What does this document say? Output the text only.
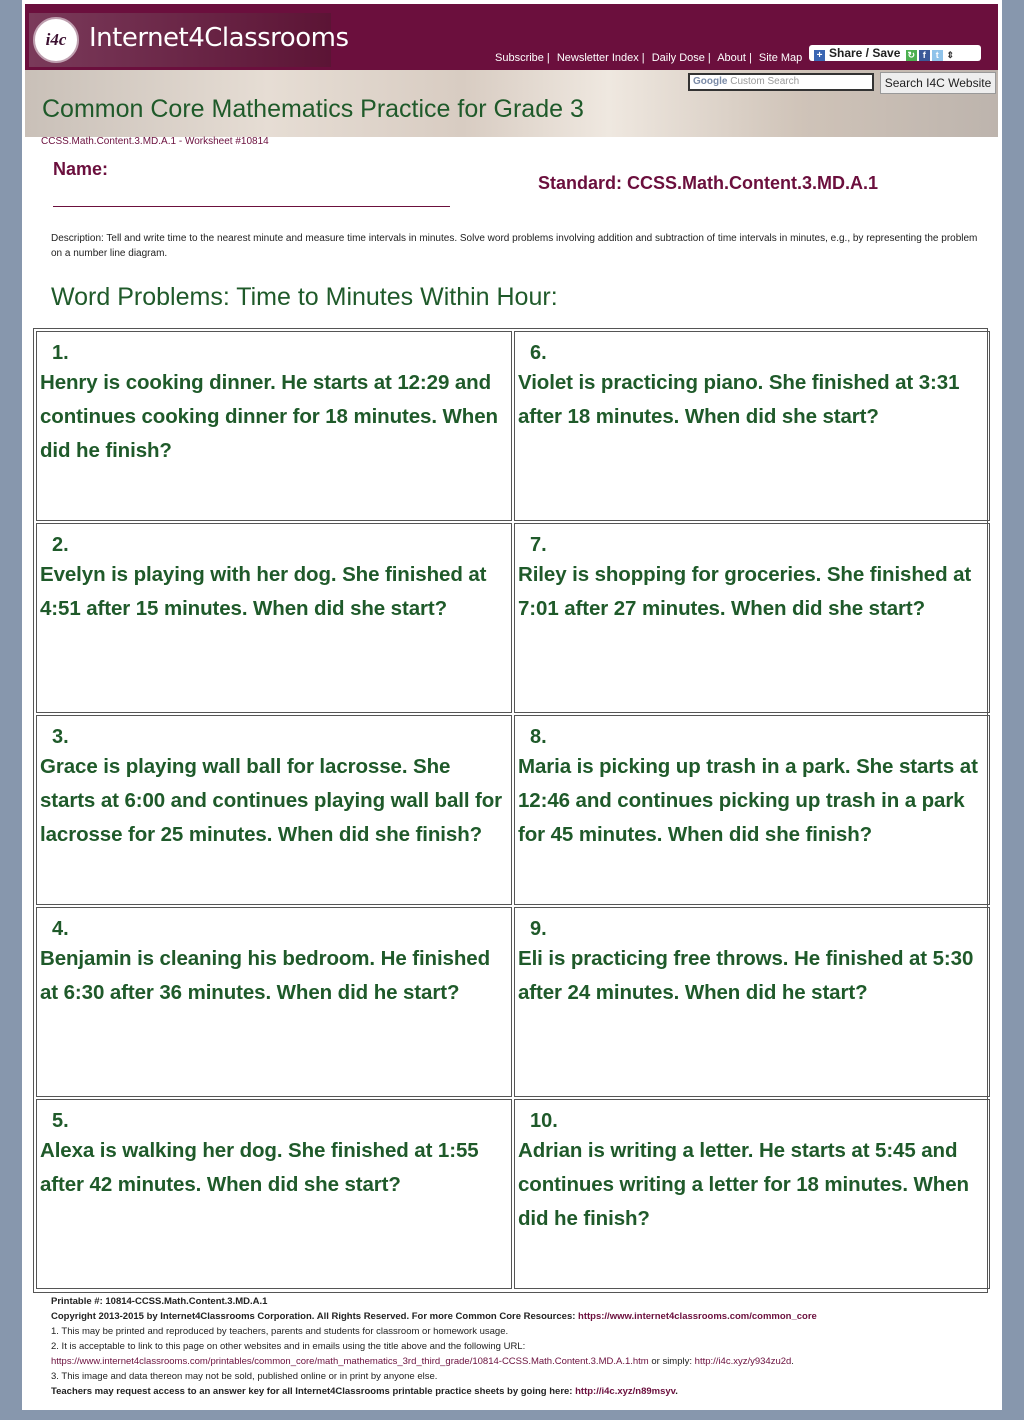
i4c Internet4Classrooms
Subscribe | Newsletter Index | Daily Dose | About | Site Map	+ Share / Save ↻ f t ⇕
Google Custom Search	Search I4C Website
Common Core Mathematics Practice for Grade 3
CCSS.Math.Content.3.MD.A.1 - Worksheet #10814
Name:
Standard: CCSS.Math.Content.3.MD.A.1
Description: Tell and write time to the nearest minute and measure time intervals in minutes. Solve word problems involving addition and subtraction of time intervals in minutes, e.g., by representing the problem on a number line diagram.
Word Problems: Time to Minutes Within Hour:
1.
Henry is cooking dinner. He starts at 12:29 and continues cooking dinner for 18 minutes. When did he finish?
6.
Violet is practicing piano. She finished at 3:31 after 18 minutes. When did she start?
2.
Evelyn is playing with her dog. She finished at 4:51 after 15 minutes. When did she start?
7.
Riley is shopping for groceries. She finished at 7:01 after 27 minutes. When did she start?
3.
Grace is playing wall ball for lacrosse. She starts at 6:00 and continues playing wall ball for lacrosse for 25 minutes. When did she finish?
8.
Maria is picking up trash in a park. She starts at 12:46 and continues picking up trash in a park for 45 minutes. When did she finish?
4.
Benjamin is cleaning his bedroom. He finished at 6:30 after 36 minutes. When did he start?
9.
Eli is practicing free throws. He finished at 5:30 after 24 minutes. When did he start?
5.
Alexa is walking her dog. She finished at 1:55 after 42 minutes. When did she start?
10.
Adrian is writing a letter. He starts at 5:45 and continues writing a letter for 18 minutes. When did he finish?
Printable #: 10814-CCSS.Math.Content.3.MD.A.1
Copyright 2013-2015 by Internet4Classrooms Corporation. All Rights Reserved. For more Common Core Resources: https://www.internet4classrooms.com/common_core
1. This may be printed and reproduced by teachers, parents and students for classroom or homework usage.
2. It is acceptable to link to this page on other websites and in emails using the title above and the following URL:
https://www.internet4classrooms.com/printables/common_core/math_mathematics_3rd_third_grade/10814-CCSS.Math.Content.3.MD.A.1.htm or simply: http://i4c.xyz/y934zu2d.
3. This image and data thereon may not be sold, published online or in print by anyone else.
Teachers may request access to an answer key for all Internet4Classrooms printable practice sheets by going here: http://i4c.xyz/n89msyv.
